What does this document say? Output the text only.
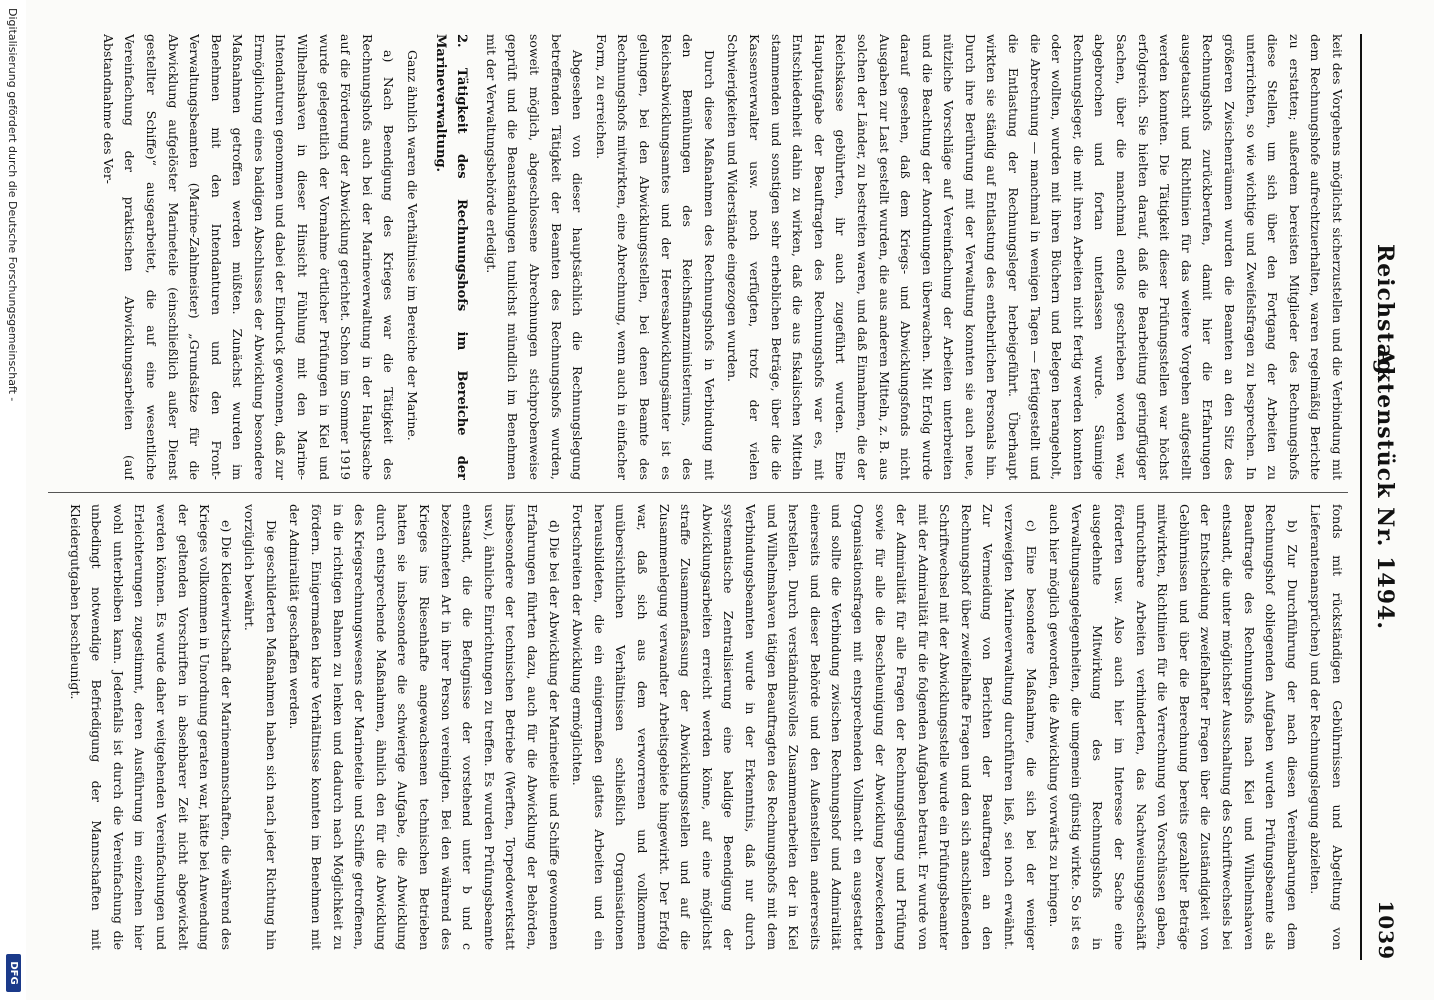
Reichstag.
Aktenstück Nr. 1494.
1039

keit des Vorgehens möglichst sicherzustellen und die Verbindung mit dem Rechnungshofe aufrechtzuerhalten, waren regelmäßig Berichte zu erstatten; außerdem bereisten Mitglieder des Rechnungshofs diese Stellen, um sich über den Fortgang der Arbeiten zu unterrichten, so wie wichtige und Zweifelsfragen zu besprechen. In größeren Zwischenräumen wurden die Beamten an den Sitz des Rechnungshofs zurückberufen, damit hier die Erfahrungen ausgetauscht und Richtlinien für das weitere Vorgehen aufgestellt werden konnten. Die Tätigkeit dieser Prüfungsstellen war höchst erfolgreich. Sie hielten darauf, daß die Bearbeitung geringfügiger Sachen, über die manchmal endlos geschrieben worden war, abgebrochen und fortan unterlassen wurde. Säumige Rechnungsleger, die mit ihren Arbeiten nicht fertig werden konnten oder wollten, wurden mit ihren Büchern und Belegen herangeholt, die Abrechnung — manchmal in wenigen Tagen — fertiggestellt und die Entlastung der Rechnungsleger herbeigeführt. Überhaupt wirkten sie ständig auf Entlastung des entbehrlichen Personals hin. Durch ihre Berührung mit der Verwaltung konnten sie auch neue, nützliche Vorschläge auf Vereinfachung der Arbeiten unterbreiten und die Beachtung der Anordnungen überwachen. Mit Erfolg wurde darauf gesehen, daß dem Kriegs- und Abwicklungsfonds nicht Ausgaben zur Last gestellt wurden, die aus anderen Mitteln, z. B. aus solchen der Länder, zu bestreiten waren, und daß Einnahmen, die der Reichskasse gebührten, ihr auch zugeführt wurden. Eine Hauptaufgabe der Beauftragten des Rechnungshofs war es, mit Entschiedenheit dahin zu wirken, daß die aus fiskalischen Mitteln stammenden und sonstigen sehr erheblichen Beträge, über die die Kassenverwalter usw. noch verfügten, trotz der vielen Schwierigkeiten und Widerstände eingezogen wurden.

Durch diese Maßnahmen des Rechnungshofs in Verbindung mit den Bemühungen des Reichsfinanzministeriums, des Reichsabwicklungsamtes und der Heeresabwicklungsämter ist es gelungen, bei den Abwicklungsstellen, bei denen Beamte des Rechnungshofs mitwirkten, eine Abrechnung, wenn auch in einfacher Form, zu erreichen.

Abgesehen von dieser hauptsächlich die Rechnungslegung betreffenden Tätigkeit der Beamten des Rechnungshofs wurden, soweit möglich, abgeschlossene Abrechnungen stichprobenweise geprüft und die Beanstandungen tunlichst mündlich im Benehmen mit der Verwaltungsbehörde erledigt.

2. Tätigkeit des Rechnungshofs im Bereiche der Marineverwaltung.

Ganz ähnlich waren die Verhältnisse im Bereiche der Marine.

a) Nach Beendigung des Krieges war die Tätigkeit des Rechnungshofs auch bei der Marineverwaltung in der Hauptsache auf die Förderung der Abwicklung gerichtet. Schon im Sommer 1919 wurde gelegentlich der Vornahme örtlicher Prüfungen in Kiel und Wilhelmshaven in dieser Hinsicht Fühlung mit den Marine-Intendanturen genommen und dabei der Eindruck gewonnen, daß zur Ermöglichung eines baldigen Abschlusses der Abwicklung besondere Maßnahmen getroffen werden müßten. Zunächst wurden im Benehmen mit den Intendanturen und den Front-Verwaltungsbeamten (Marine-Zahlmeister) „Grundsätze für die Abwicklung aufgelöster Marineteile (einschließlich außer Dienst gestellter Schiffe)“ ausgearbeitet, die auf eine wesentliche Vereinfachung der praktischen Abwicklungsarbeiten (auf Abstandnahme des Ver-

fonds mit rückständigen Gebührnissen und Abgeltung von Lieferantenansprüchen) und der Rechnungslegung abzielten.

b) Zur Durchführung der nach diesen Vereinbarungen dem Rechnungshof obliegenden Aufgaben wurden Prüfungsbeamte als Beauftragte des Rechnungshofs nach Kiel und Wilhelmshaven entsandt, die unter möglichster Ausschaltung des Schriftwechsels bei der Entscheidung zweifelhafter Fragen über die Zuständigkeit von Gebührnissen und über die Berechnung bereits gezahlter Beträge mitwirkten, Richtlinien für die Verrechnung von Vorschüssen gaben, unfruchtbare Arbeiten verhinderten, das Nachweisungsgeschäft förderten usw. Also auch hier im Interesse der Sache eine ausgedehnte Mitwirkung des Rechnungshofs in Verwaltungsangelegenheiten, die umgemein günstig wirkte. So ist es auch hier möglich geworden, die Abwicklung vorwärts zu bringen.

c) Eine besondere Maßnahme, die sich bei der weniger verzweigten Marineverwaltung durchführen ließ, sei noch erwähnt. Zur Vermeidung von Berichten der Beauftragten an den Rechnungshof über zweifelhafte Fragen und den sich anschließenden Schriftwechsel mit der Abwicklungsstelle wurde ein Prüfungsbeamter mit der Admiralität für die folgenden Aufgaben betraut. Er wurde von der Admiralität für alle Fragen der Rechnungslegung und Prüfung sowie für alle die Beschleunigung der Abwicklung bezweckenden Organisationsfragen mit entsprechenden Vollmacht en ausgestattet und sollte die Verbindung zwischen Rechnungshof und Admiralität einerseits und dieser Behörde und den Außenstellen andererseits herstellen. Durch verständnisvolles Zusammenarbeiten der in Kiel und Wilhelmshaven tätigen Beauftragten des Rechnungshofs mit dem Verbindungsbeamten wurde in der Erkenntnis, daß nur durch systematische Zentralisierung eine baldige Beendigung der Abwicklungsarbeiten erreicht werden könne, auf eine möglichst straffe Zusammenfassung der Abwicklungsstellen und auf die Zusammenlegung verwandter Arbeitsgebiete hingewirkt. Der Erfolg war, daß sich aus dem verworrenen und vollkommen unübersichtlichen Verhältnissen schließlich Organisationen herausbildeten, die ein einigermaßen glattes Arbeiten und ein Fortschreiten der Abwicklung ermöglichten.

d) Die bei der Abwicklung der Marineteile und Schiffe gewonnenen Erfahrungen führten dazu, auch für die Abwicklung der Behörden, insbesondere der technischen Betriebe (Werften, Torpedowerkstatt usw.), ähnliche Einrichtungen zu treffen. Es wurden Prüfungsbeamte entsandt, die die Befugnisse der vorstehend unter b und c bezeichneten Art in ihrer Person vereinigten. Bei den während des Krieges ins Riesenhafte angewachsenen technischen Betrieben hatten sie insbesondere die schwierige Aufgabe, die Abwicklung durch entsprechende Maßnahmen, ähnlich den für die Abwicklung des Kriegsrechnungswesens der Marineteile und Schiffe getroffenen, in die richtigen Bahnen zu lenken und dadurch nach Möglichkeit zu fördern. Einigermaßen klare Verhältnisse konnten im Benehmen mit der Admiralität geschaffen werden.

Die geschilderten Maßnahmen haben sich nach jeder Richtung hin vorzüglich bewährt.

e) Die Kleiderwirtschaft der Marinemannschaften, die während des Krieges vollkommen in Unordnung geraten war, hätte bei Anwendung der geltenden Vorschriften in absehbarer Zeit nicht abgewickelt werden können. Es wurde daher weitgehenden Vereinfachungen und Erleichterungen zugestimmt, deren Ausführung im einzelnen hier wohl unterbleiben kann. Jedenfalls ist durch die Vereinfachung die unbedingt notwendige Befriedigung der Mannschaften mit Kleidergutgaben beschleunigt.

Digitalisierung gefördert durch die Deutsche Forschungsgemeinschaft -
DFG
